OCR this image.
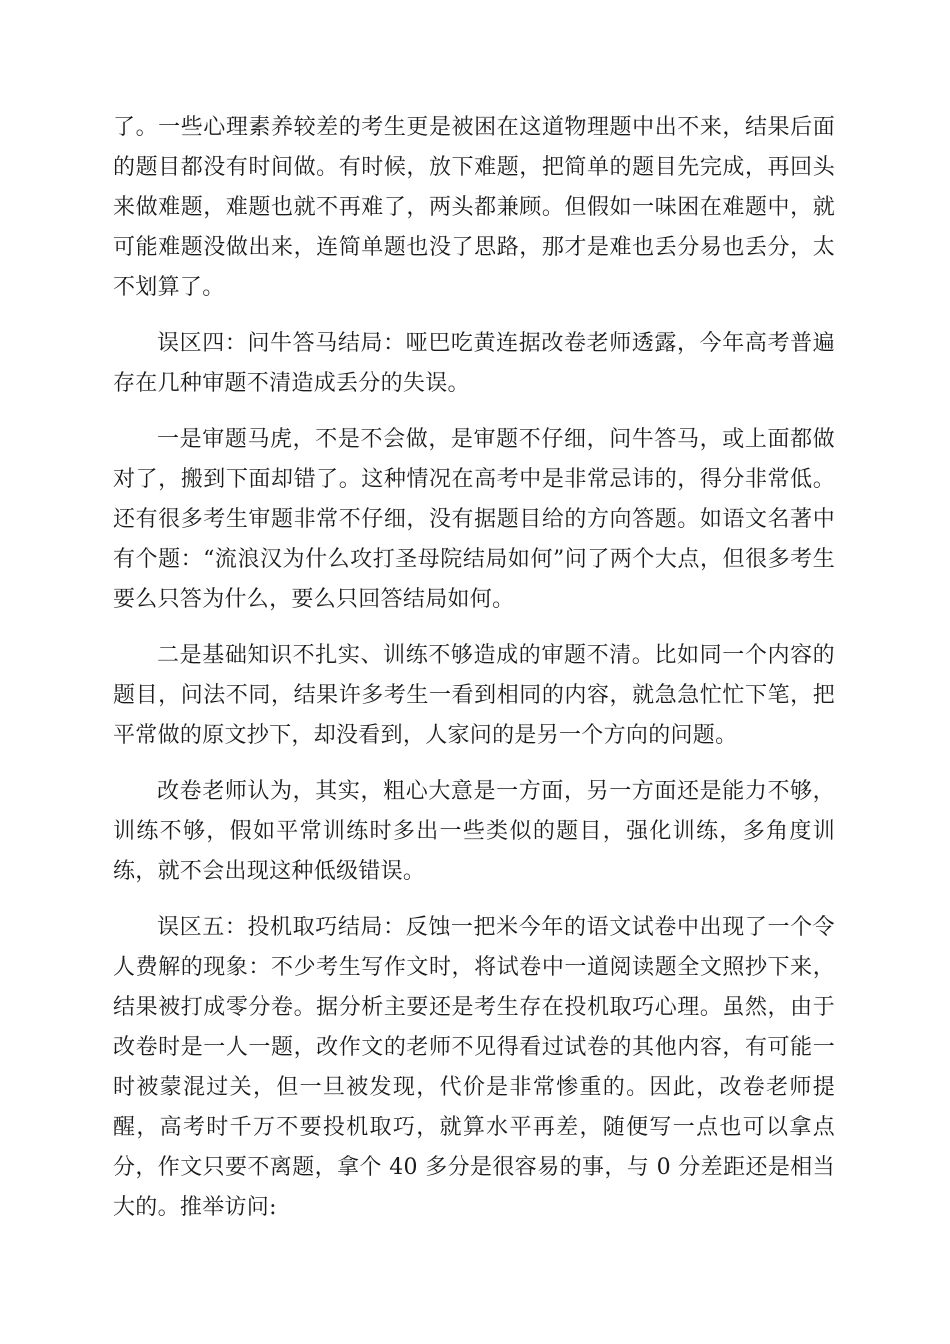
了。一些心理素养较差的考生更是被困在这道物理题中出不来，结果后面的题目都没有时间做。有时候，放下难题，把简单的题目先完成，再回头来做难题，难题也就不再难了，两头都兼顾。但假如一味困在难题中，就可能难题没做出来，连简单题也没了思路，那才是难也丢分易也丢分，太不划算了。

误区四：问牛答马结局：哑巴吃黄连据改卷老师透露，今年高考普遍存在几种审题不清造成丢分的失误。

一是审题马虎，不是不会做，是审题不仔细，问牛答马，或上面都做对了，搬到下面却错了。这种情况在高考中是非常忌讳的，得分非常低。还有很多考生审题非常不仔细，没有据题目给的方向答题。如语文名著中有个题：“流浪汉为什么攻打圣母院结局如何”问了两个大点，但很多考生要么只答为什么，要么只回答结局如何。

二是基础知识不扎实、训练不够造成的审题不清。比如同一个内容的题目，问法不同，结果许多考生一看到相同的内容，就急急忙忙下笔，把平常做的原文抄下，却没看到，人家问的是另一个方向的问题。

改卷老师认为，其实，粗心大意是一方面，另一方面还是能力不够，训练不够，假如平常训练时多出一些类似的题目，强化训练，多角度训练，就不会出现这种低级错误。

误区五：投机取巧结局：反蚀一把米今年的语文试卷中出现了一个令人费解的现象：不少考生写作文时，将试卷中一道阅读题全文照抄下来，结果被打成零分卷。据分析主要还是考生存在投机取巧心理。虽然，由于改卷时是一人一题，改作文的老师不见得看过试卷的其他内容，有可能一时被蒙混过关，但一旦被发现，代价是非常惨重的。因此，改卷老师提醒，高考时千万不要投机取巧，就算水平再差，随便写一点也可以拿点分，作文只要不离题，拿个 40 多分是很容易的事，与 0 分差距还是相当大的。推举访问:
